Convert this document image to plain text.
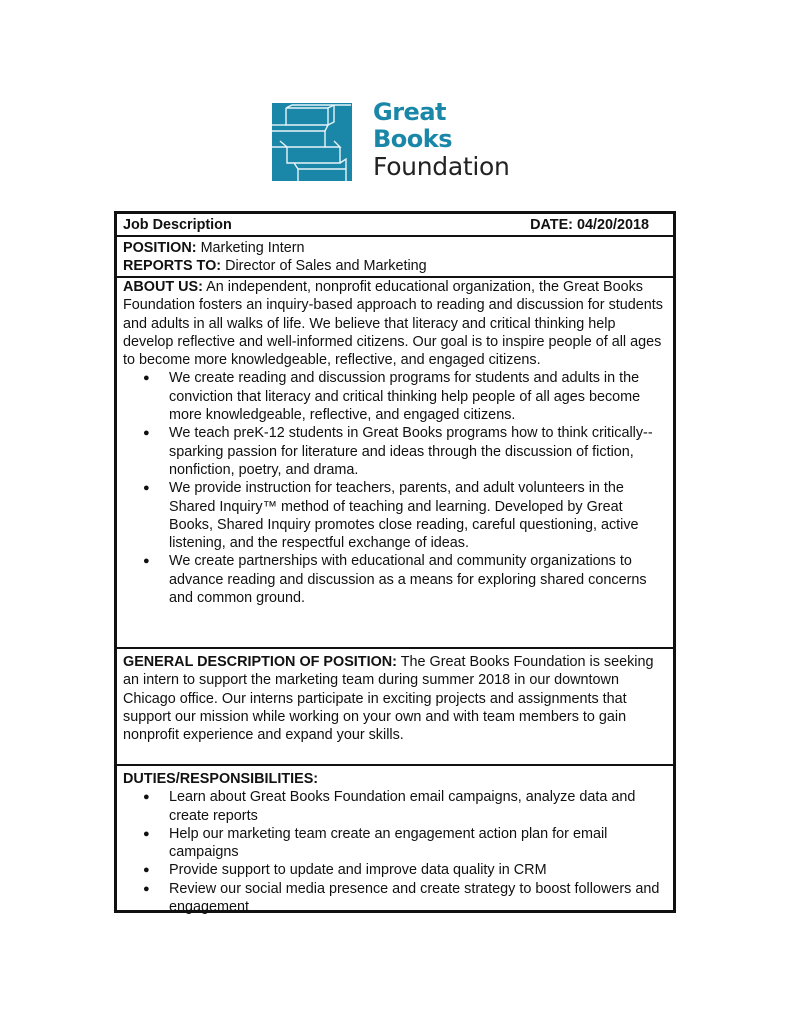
Great
Books
Foundation
Job Description	DATE: 04/20/2018
POSITION: Marketing Intern
REPORTS TO: Director of Sales and Marketing
ABOUT US: An independent, nonprofit educational organization, the Great Books Foundation fosters an inquiry-based approach to reading and discussion for students and adults in all walks of life. We believe that literacy and critical thinking help develop reflective and well-informed citizens. Our goal is to inspire people of all ages to become more knowledgeable, reflective, and engaged citizens.
● We create reading and discussion programs for students and adults in the conviction that literacy and critical thinking help people of all ages become more knowledgeable, reflective, and engaged citizens.
● We teach preK-12 students in Great Books programs how to think critically--sparking passion for literature and ideas through the discussion of fiction, nonfiction, poetry, and drama.
● We provide instruction for teachers, parents, and adult volunteers in the Shared Inquiry™ method of teaching and learning. Developed by Great Books, Shared Inquiry promotes close reading, careful questioning, active listening, and the respectful exchange of ideas.
● We create partnerships with educational and community organizations to advance reading and discussion as a means for exploring shared concerns and common ground.
GENERAL DESCRIPTION OF POSITION: The Great Books Foundation is seeking an intern to support the marketing team during summer 2018 in our downtown Chicago office. Our interns participate in exciting projects and assignments that support our mission while working on your own and with team members to gain nonprofit experience and expand your skills.
DUTIES/RESPONSIBILITIES:
● Learn about Great Books Foundation email campaigns, analyze data and create reports
● Help our marketing team create an engagement action plan for email campaigns
● Provide support to update and improve data quality in CRM
● Review our social media presence and create strategy to boost followers and engagement
